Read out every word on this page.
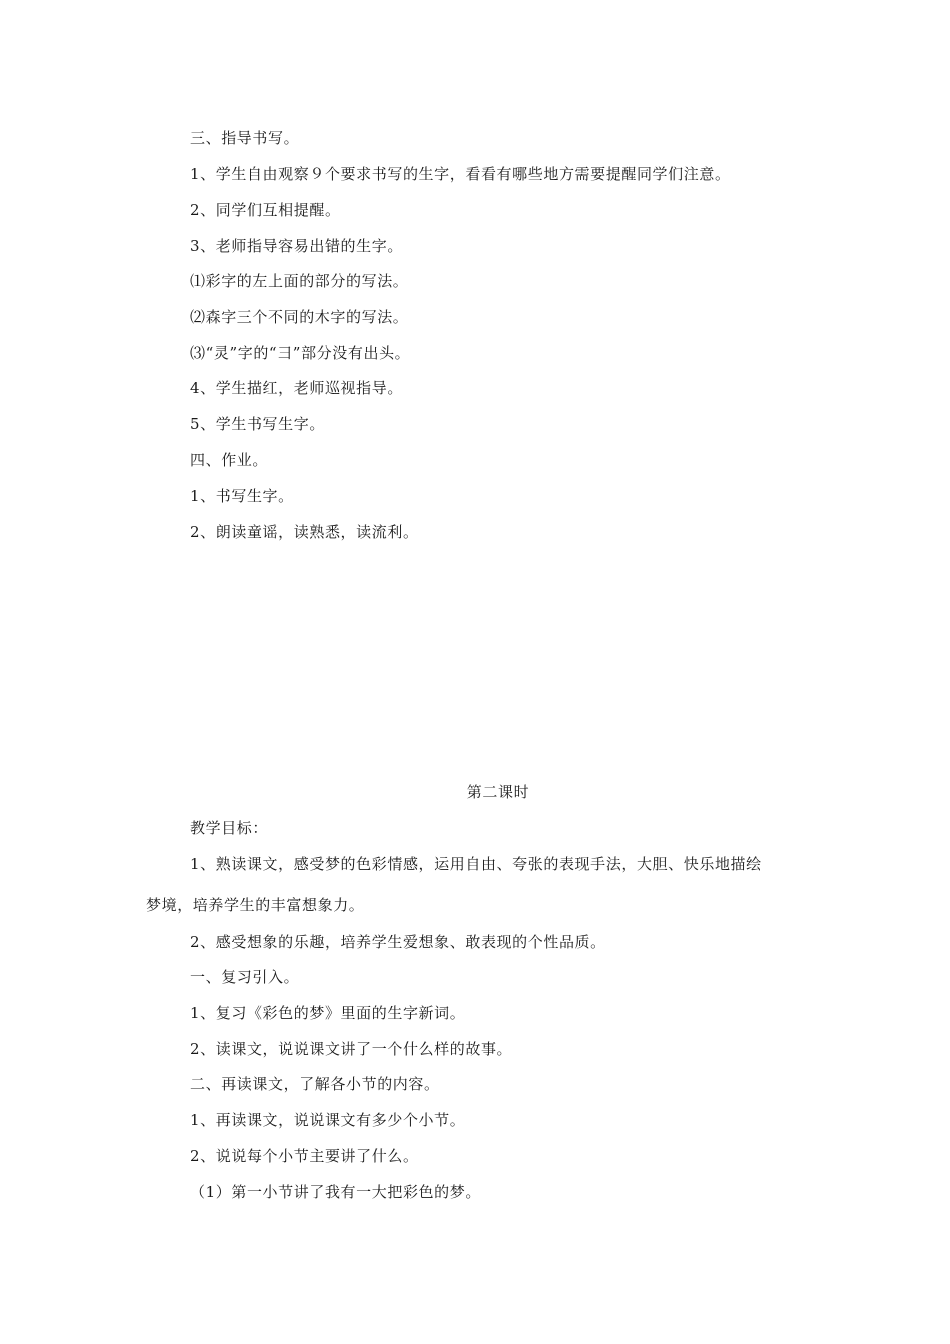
三、指导书写。
1、学生自由观察９个要求书写的生字，看看有哪些地方需要提醒同学们注意。
2、同学们互相提醒。
3、老师指导容易出错的生字。
⑴彩字的左上面的部分的写法。
⑵森字三个不同的木字的写法。
⑶“灵”字的“彐”部分没有出头。
4、学生描红，老师巡视指导。
5、学生书写生字。
四、作业。
1、书写生字。
2、朗读童谣，读熟悉，读流利。
第二课时
教学目标：
1、熟读课文，感受梦的色彩情感，运用自由、夸张的表现手法，大胆、快乐地描绘
梦境，培养学生的丰富想象力。
2、感受想象的乐趣，培养学生爱想象、敢表现的个性品质。
一、复习引入。
1、复习《彩色的梦》里面的生字新词。
2、读课文，说说课文讲了一个什么样的故事。
二、再读课文，了解各小节的内容。
1、再读课文，说说课文有多少个小节。
2、说说每个小节主要讲了什么。
（1）第一小节讲了我有一大把彩色的梦。
